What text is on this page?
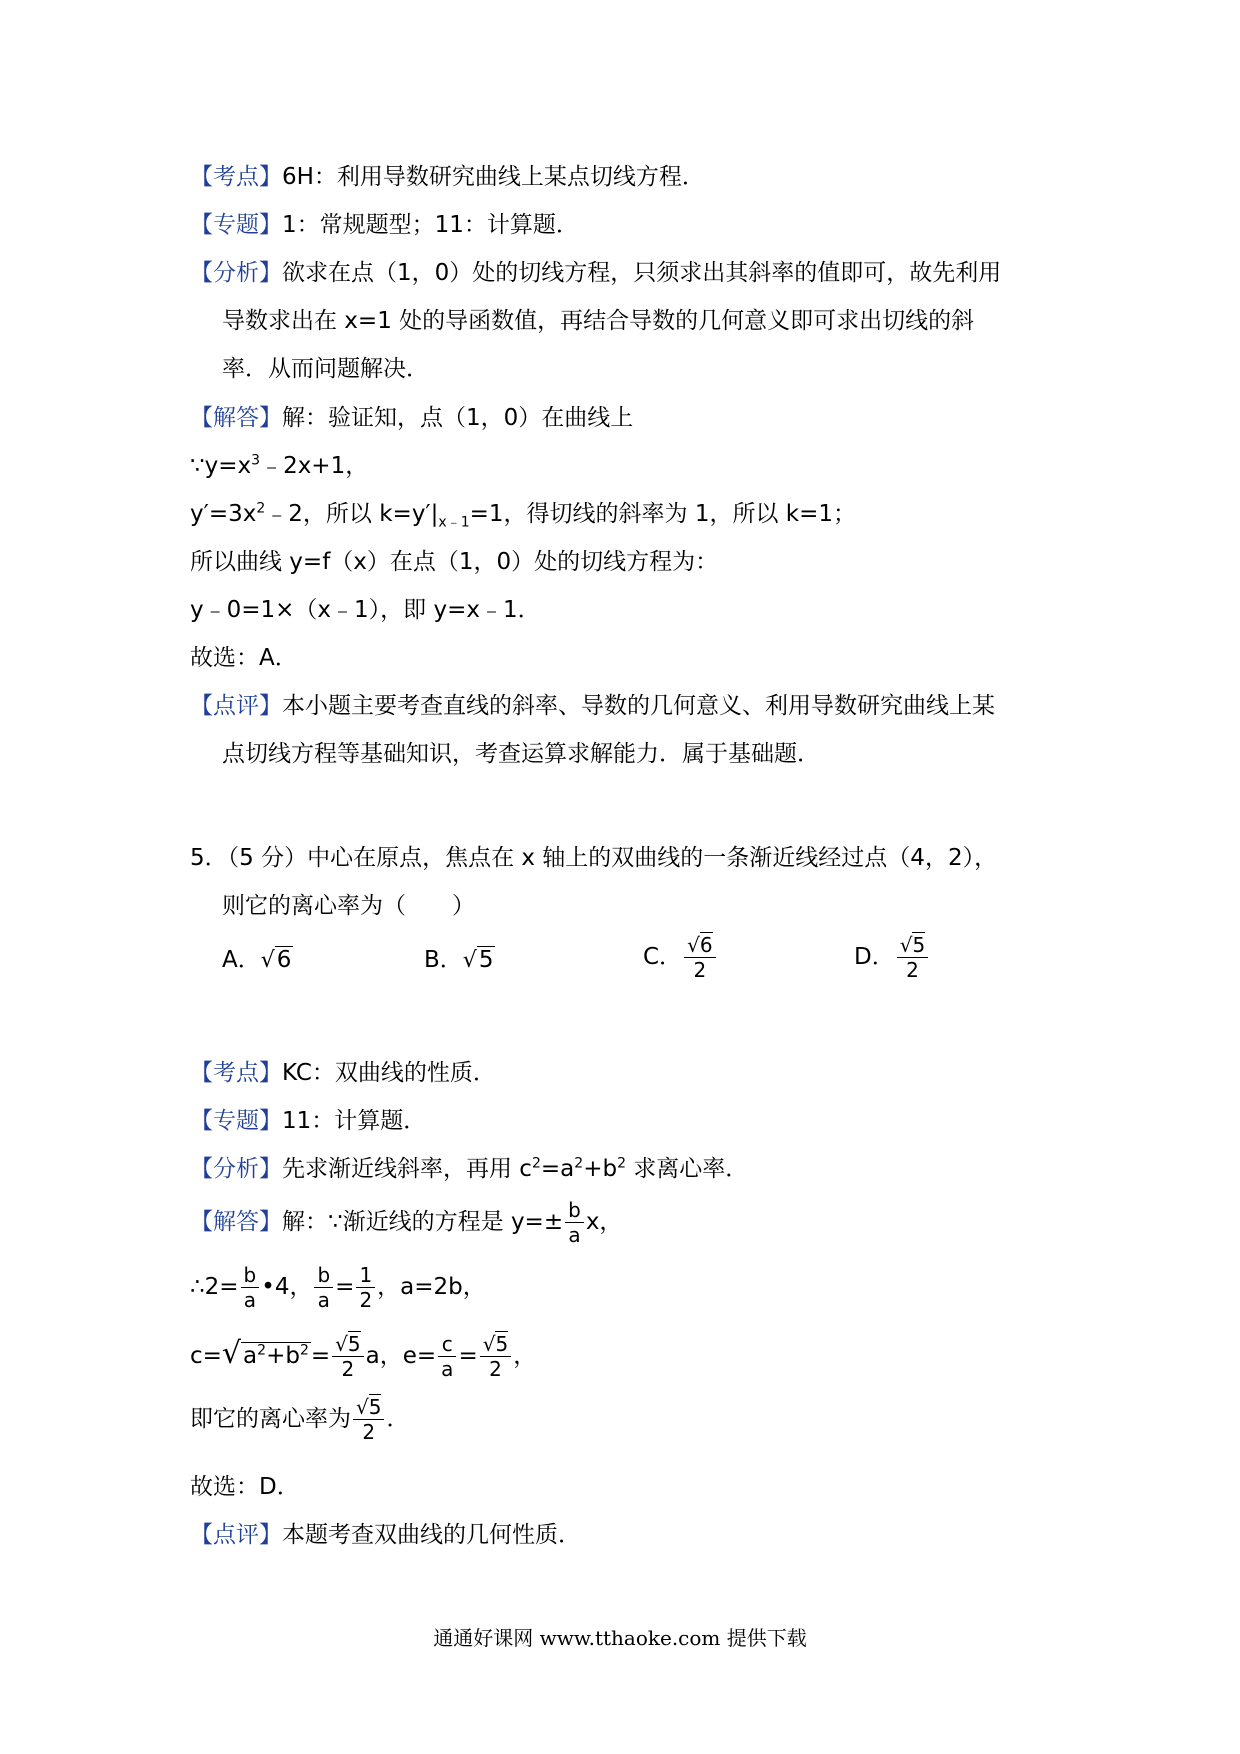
【考点】6H：利用导数研究曲线上某点切线方程．
【专题】1：常规题型；11：计算题．
【分析】欲求在点（1，0）处的切线方程，只须求出其斜率的值即可，故先利用
导数求出在 x=1 处的导函数值，再结合导数的几何意义即可求出切线的斜
率．从而问题解决．
【解答】解：验证知，点（1，0）在曲线上
$\because y=x^3﹣2x+1$，
$y'=3x^2﹣2$，所以 $k=y'|_{x﹣1}=1$，得切线的斜率为 1，所以 k=1；
所以曲线 y=f（x）在点（1，0）处的切线方程为：
y﹣0=1×（x﹣1），即 y=x﹣1．
故选：A．
【点评】本小题主要考查直线的斜率、导数的几何意义、利用导数研究曲线上某
点切线方程等基础知识，考查运算求解能力．属于基础题．
5．（5 分）中心在原点，焦点在 x 轴上的双曲线的一条渐近线经过点（4，2），
则它的离心率为（　　）
A．√6	B．√5	C． $\frac{√6}{2}$	D． $\frac{√5}{2}$
【考点】KC：双曲线的性质．
【专题】11：计算题．
【分析】先求渐近线斜率，再用 $c^2=a^2+b^2$ 求离心率．
【解答】解：∵渐近线的方程是 $y=\pm \frac{b}{a}$ x，
∴2= $\frac{b}{a}$ •4， $\frac{b}{a} = \frac{1}{2}$ ，a=2b，
$c=√a^2+b^2= \frac{√5}{2}$ a，$e= \frac{c}{a} = \frac{√5}{2}$ ，
即它的离心率为 $\frac{√5}{2}$ ．
故选：D．
【点评】本题考查双曲线的几何性质．
通通好课网 www.tthaoke.com 提供下载
